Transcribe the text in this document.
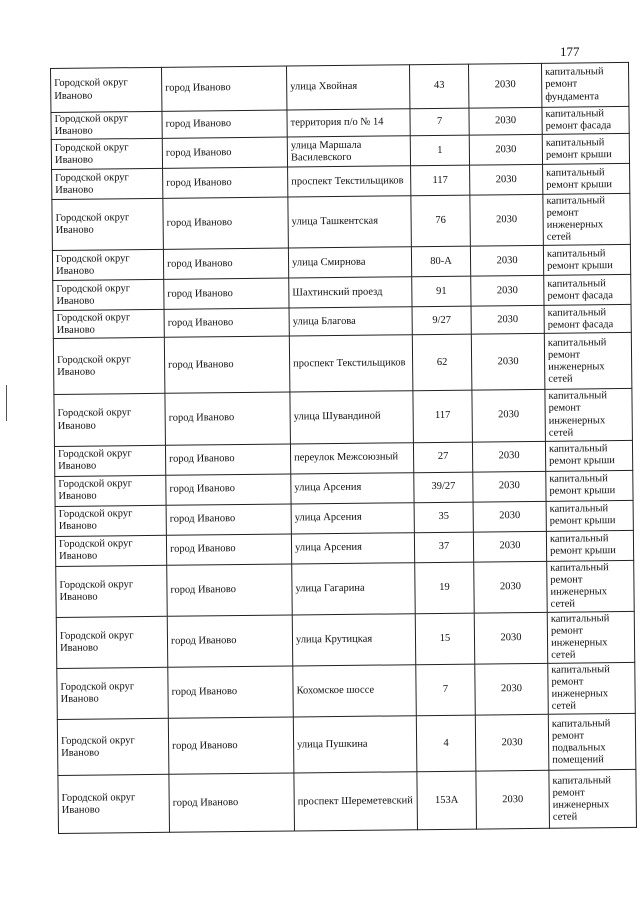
177
Городской округ Иваново	город Иваново	улица Хвойная	43	2030	капитальный ремонт фундамента
Городской округ Иваново	город Иваново	территория п/о № 14	7	2030	капитальный ремонт фасада
Городской округ Иваново	город Иваново	улица Маршала Василевского	1	2030	капитальный ремонт крыши
Городской округ Иваново	город Иваново	проспект Текстильщиков	117	2030	капитальный ремонт крыши
Городской округ Иваново	город Иваново	улица Ташкентская	76	2030	капитальный ремонт инженерных сетей
Городской округ Иваново	город Иваново	улица Смирнова	80-А	2030	капитальный ремонт крыши
Городской округ Иваново	город Иваново	Шахтинский проезд	91	2030	капитальный ремонт фасада
Городской округ Иваново	город Иваново	улица Благова	9/27	2030	капитальный ремонт фасада
Городской округ Иваново	город Иваново	проспект Текстильщиков	62	2030	капитальный ремонт инженерных сетей
Городской округ Иваново	город Иваново	улица Шувандиной	117	2030	капитальный ремонт инженерных сетей
Городской округ Иваново	город Иваново	переулок Межсоюзный	27	2030	капитальный ремонт крыши
Городской округ Иваново	город Иваново	улица Арсения	39/27	2030	капитальный ремонт крыши
Городской округ Иваново	город Иваново	улица Арсения	35	2030	капитальный ремонт крыши
Городской округ Иваново	город Иваново	улица Арсения	37	2030	капитальный ремонт крыши
Городской округ Иваново	город Иваново	улица Гагарина	19	2030	капитальный ремонт инженерных сетей
Городской округ Иваново	город Иваново	улица Крутицкая	15	2030	капитальный ремонт инженерных сетей
Городской округ Иваново	город Иваново	Кохомское шоссе	7	2030	капитальный ремонт инженерных сетей
Городской округ Иваново	город Иваново	улица Пушкина	4	2030	капитальный ремонт подвальных помещений
Городской округ Иваново	город Иваново	проспект Шереметевский	153А	2030	капитальный ремонт инженерных сетей
